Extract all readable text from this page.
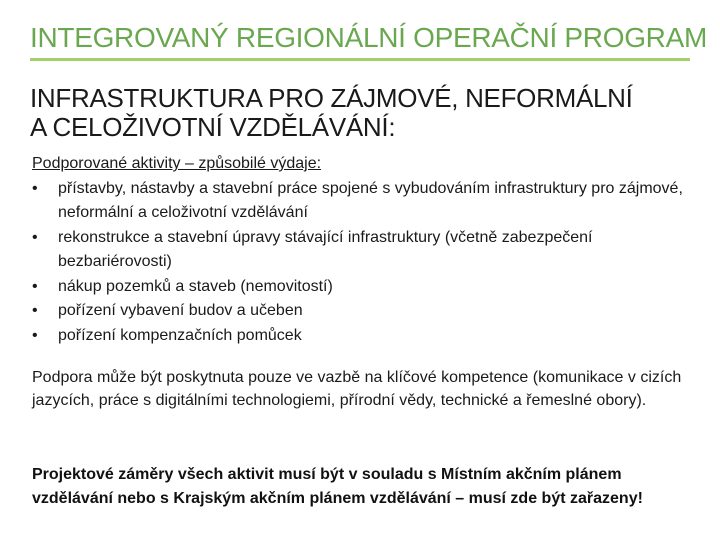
INTEGROVANÝ REGIONÁLNÍ OPERAČNÍ PROGRAM
INFRASTRUKTURA PRO ZÁJMOVÉ, NEFORMÁLNÍ
A CELOŽIVOTNÍ VZDĚLÁVÁNÍ:
Podporované aktivity – způsobilé výdaje:
• přístavby, nástavby a stavební práce spojené s vybudováním infrastruktury pro zájmové, neformální a celoživotní vzdělávání
• rekonstrukce a stavební úpravy stávající infrastruktury (včetně zabezpečení bezbariérovosti)
• nákup pozemků a staveb (nemovitostí)
• pořízení vybavení budov a učeben
• pořízení kompenzačních pomůcek
Podpora může být poskytnuta pouze ve vazbě na klíčové kompetence (komunikace v cizích jazycích, práce s digitálními technologiemi, přírodní vědy, technické a řemeslné obory).
Projektové záměry všech aktivit musí být v souladu s Místním akčním plánem vzdělávání nebo s Krajským akčním plánem vzdělávání – musí zde být zařazeny!
